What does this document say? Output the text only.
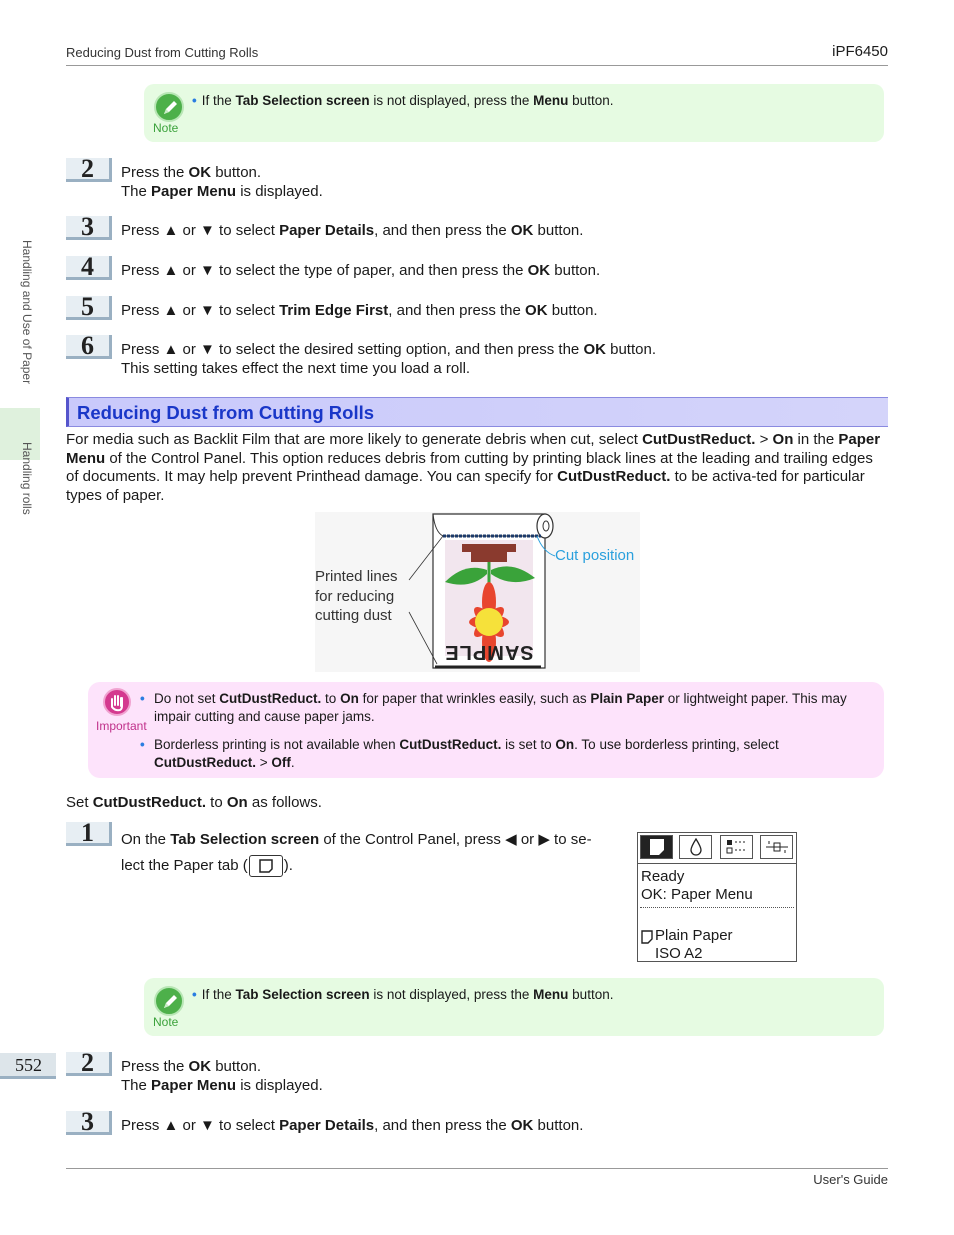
Reducing Dust from Cutting Rolls	iPF6450
Handling and Use of Paper
Handling rolls
Note
• If the Tab Selection screen is not displayed, press the Menu button.
2	Press the OK button.
The Paper Menu is displayed.
3	Press ▲ or ▼ to select Paper Details, and then press the OK button.
4	Press ▲ or ▼ to select the type of paper, and then press the OK button.
5	Press ▲ or ▼ to select Trim Edge First, and then press the OK button.
6	Press ▲ or ▼ to select the desired setting option, and then press the OK button.
This setting takes effect the next time you load a roll.
Reducing Dust from Cutting Rolls
For media such as Backlit Film that are more likely to generate debris when cut, select CutDustReduct. > On in the Paper Menu of the Control Panel. This option reduces debris from cutting by printing black lines at the leading and trailing edges of documents. It may help prevent Printhead damage. You can specify for CutDustReduct. to be activa-ted for particular types of paper.
SAMPLE
Printed lines
for reducing
cutting dust
Cut position
Important
• Do not set CutDustReduct. to On for paper that wrinkles easily, such as Plain Paper or lightweight paper. This may impair cutting and cause paper jams.
• Borderless printing is not available when CutDustReduct. is set to On. To use borderless printing, select CutDustReduct. > Off.
Set CutDustReduct. to On as follows.
1	On the Tab Selection screen of the Control Panel, press ◀ or ▶ to se-
lect the Paper tab ( ).
Ready
OK: Paper Menu
Plain Paper
ISO A2
Note
• If the Tab Selection screen is not displayed, press the Menu button.
552	2	Press the OK button.
The Paper Menu is displayed.
3	Press ▲ or ▼ to select Paper Details, and then press the OK button.
User's Guide
